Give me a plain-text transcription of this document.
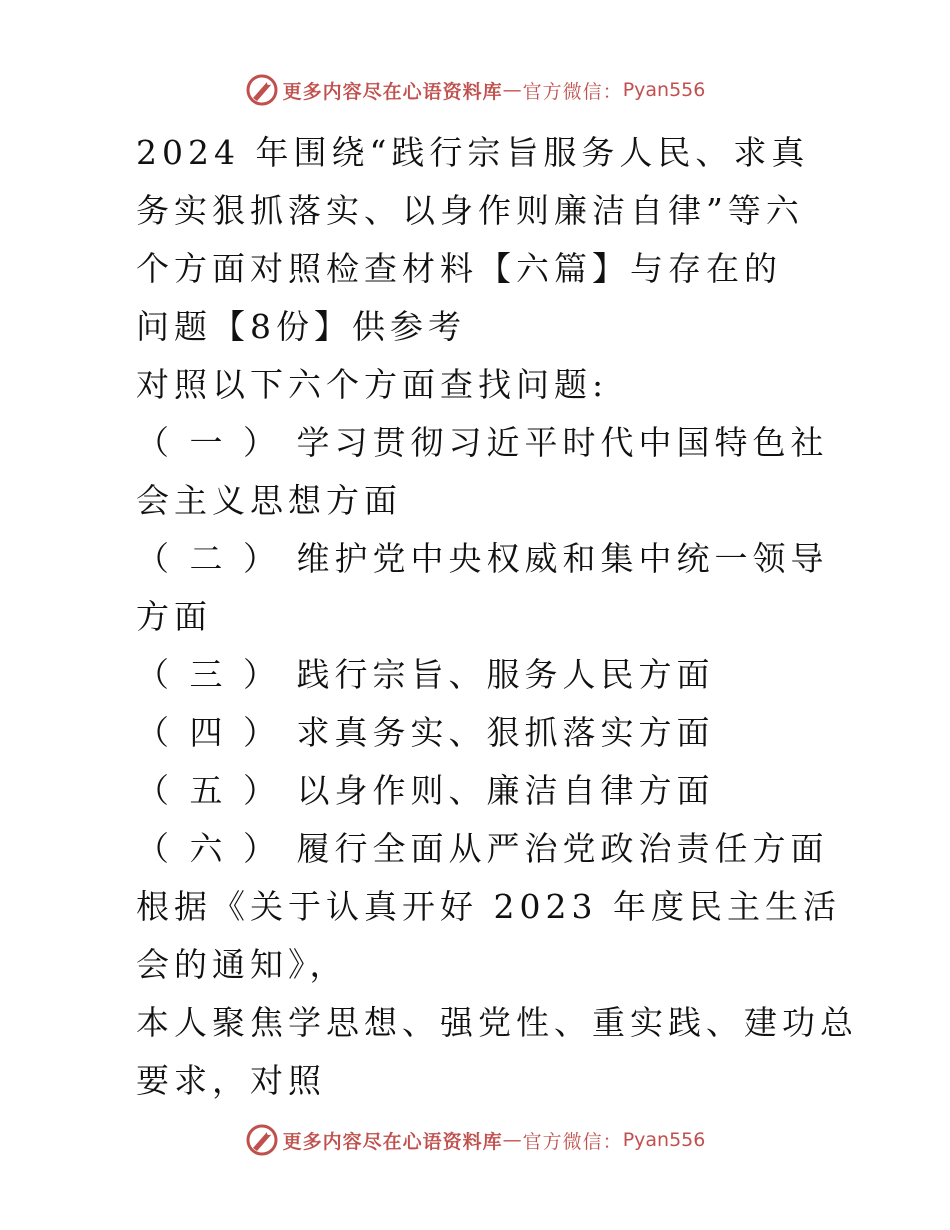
更多内容尽在心语资料库 — 官方微信： Pyan556

2024 年围绕“践行宗旨服务人民、求真务实狠抓落实、以身作则廉洁自律”等六个方面对照检查材料【六篇】与存在的问题【8份】供参考

对照以下六个方面查找问题:

（ 一 ） 学习贯彻习近平时代中国特色社会主义思想方面

（ 二 ） 维护党中央权威和集中统一领导方面

（ 三 ） 践行宗旨、服务人民方面

（ 四 ） 求真务实、狠抓落实方面

（ 五 ） 以身作则、廉洁自律方面

（ 六 ） 履行全面从严治党政治责任方面

根据《关于认真开好 2023 年度民主生活会的通知》，

本人聚焦学思想、强党性、重实践、建功总要求，对照

更多内容尽在心语资料库 — 官方微信： Pyan556
